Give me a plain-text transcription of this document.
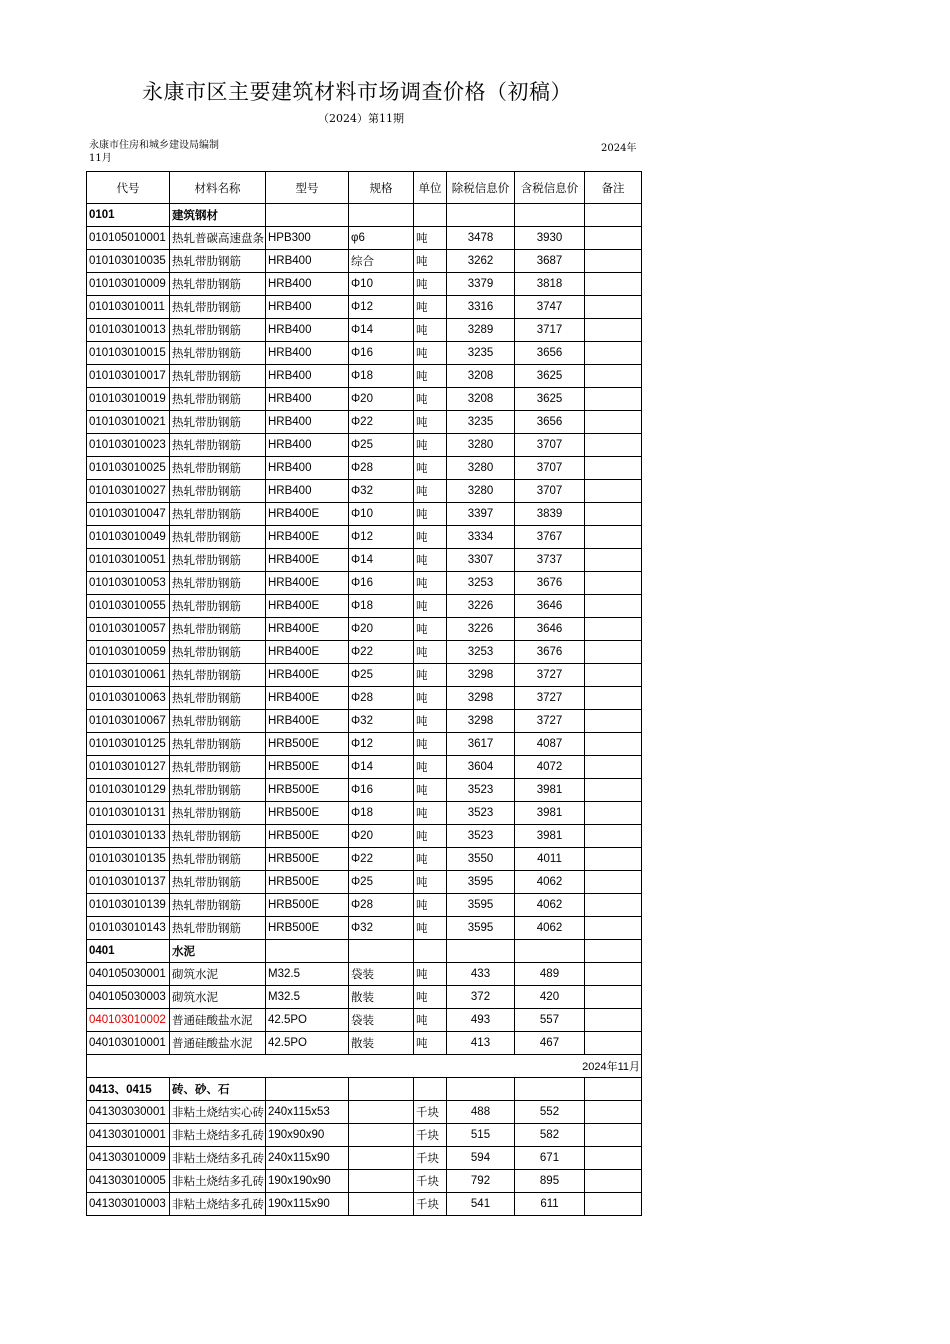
永康市区主要建筑材料市场调查价格（初稿）
（2024）第11期
永康市住房和城乡建设局编制
11月
2024年
代号	材料名称	型号	规格	单位	除税信息价	含税信息价	备注
0101	建筑钢材						
010105010001	热轧普碳高速盘条	HPB300	φ6	吨	3478	3930	
010103010035	热轧带肋钢筋	HRB400	综合	吨	3262	3687	
010103010009	热轧带肋钢筋	HRB400	Φ10	吨	3379	3818	
010103010011	热轧带肋钢筋	HRB400	Φ12	吨	3316	3747	
010103010013	热轧带肋钢筋	HRB400	Φ14	吨	3289	3717	
010103010015	热轧带肋钢筋	HRB400	Φ16	吨	3235	3656	
010103010017	热轧带肋钢筋	HRB400	Φ18	吨	3208	3625	
010103010019	热轧带肋钢筋	HRB400	Φ20	吨	3208	3625	
010103010021	热轧带肋钢筋	HRB400	Φ22	吨	3235	3656	
010103010023	热轧带肋钢筋	HRB400	Φ25	吨	3280	3707	
010103010025	热轧带肋钢筋	HRB400	Φ28	吨	3280	3707	
010103010027	热轧带肋钢筋	HRB400	Φ32	吨	3280	3707	
010103010047	热轧带肋钢筋	HRB400E	Φ10	吨	3397	3839	
010103010049	热轧带肋钢筋	HRB400E	Φ12	吨	3334	3767	
010103010051	热轧带肋钢筋	HRB400E	Φ14	吨	3307	3737	
010103010053	热轧带肋钢筋	HRB400E	Φ16	吨	3253	3676	
010103010055	热轧带肋钢筋	HRB400E	Φ18	吨	3226	3646	
010103010057	热轧带肋钢筋	HRB400E	Φ20	吨	3226	3646	
010103010059	热轧带肋钢筋	HRB400E	Φ22	吨	3253	3676	
010103010061	热轧带肋钢筋	HRB400E	Φ25	吨	3298	3727	
010103010063	热轧带肋钢筋	HRB400E	Φ28	吨	3298	3727	
010103010067	热轧带肋钢筋	HRB400E	Φ32	吨	3298	3727	
010103010125	热轧带肋钢筋	HRB500E	Φ12	吨	3617	4087	
010103010127	热轧带肋钢筋	HRB500E	Φ14	吨	3604	4072	
010103010129	热轧带肋钢筋	HRB500E	Φ16	吨	3523	3981	
010103010131	热轧带肋钢筋	HRB500E	Φ18	吨	3523	3981	
010103010133	热轧带肋钢筋	HRB500E	Φ20	吨	3523	3981	
010103010135	热轧带肋钢筋	HRB500E	Φ22	吨	3550	4011	
010103010137	热轧带肋钢筋	HRB500E	Φ25	吨	3595	4062	
010103010139	热轧带肋钢筋	HRB500E	Φ28	吨	3595	4062	
010103010143	热轧带肋钢筋	HRB500E	Φ32	吨	3595	4062	
0401	水泥						
040105030001	砌筑水泥	M32.5	袋装	吨	433	489	
040105030003	砌筑水泥	M32.5	散装	吨	372	420	
040103010002	普通硅酸盐水泥	42.5PO	袋装	吨	493	557	
040103010001	普通硅酸盐水泥	42.5PO	散装	吨	413	467	
2024年11月							
0413、0415	砖、砂、石						
041303030001	非粘土烧结实心砖	240x115x53		千块	488	552	
041303010001	非粘土烧结多孔砖	190x90x90		千块	515	582	
041303010009	非粘土烧结多孔砖	240x115x90		千块	594	671	
041303010005	非粘土烧结多孔砖	190x190x90		千块	792	895	
041303010003	非粘土烧结多孔砖	190x115x90		千块	541	611	
